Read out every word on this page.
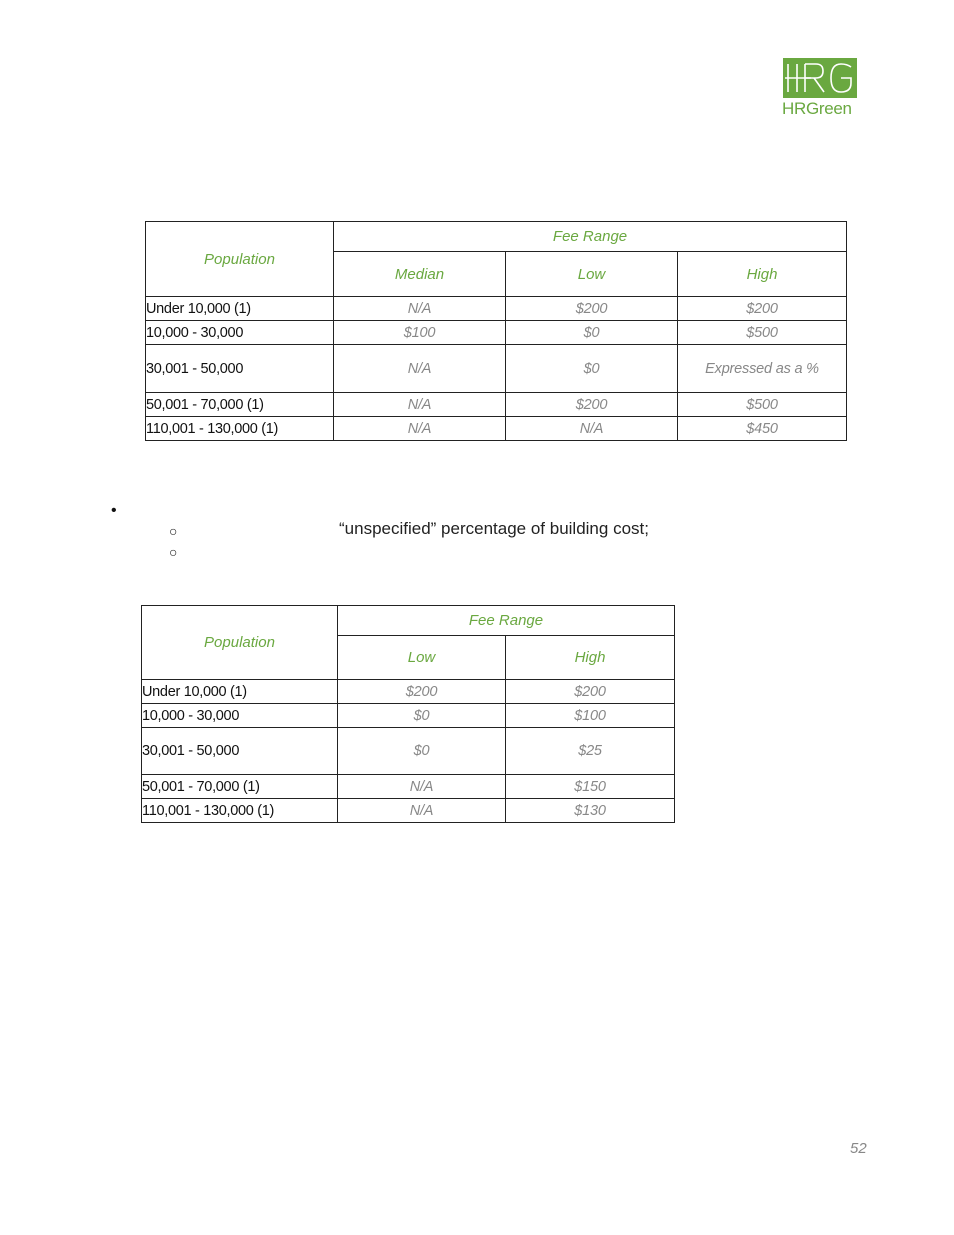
HRGreen
Population	Fee Range		
	Median	Low	High
Under 10,000 (1)	N/A	$200	$200
10,000 - 30,000	$100	$0	$500
30,001 - 50,000	N/A	$0	Expressed as a %
50,001 - 70,000 (1)	N/A	$200	$500
110,001 - 130,000 (1)	N/A	N/A	$450
•
○	“unspecified” percentage of building cost;
○
Population	Fee Range	
	Low	High
Under 10,000 (1)	$200	$200
10,000 - 30,000	$0	$100
30,001 - 50,000	$0	$25
50,001 - 70,000 (1)	N/A	$150
110,001 - 130,000 (1)	N/A	$130
52
